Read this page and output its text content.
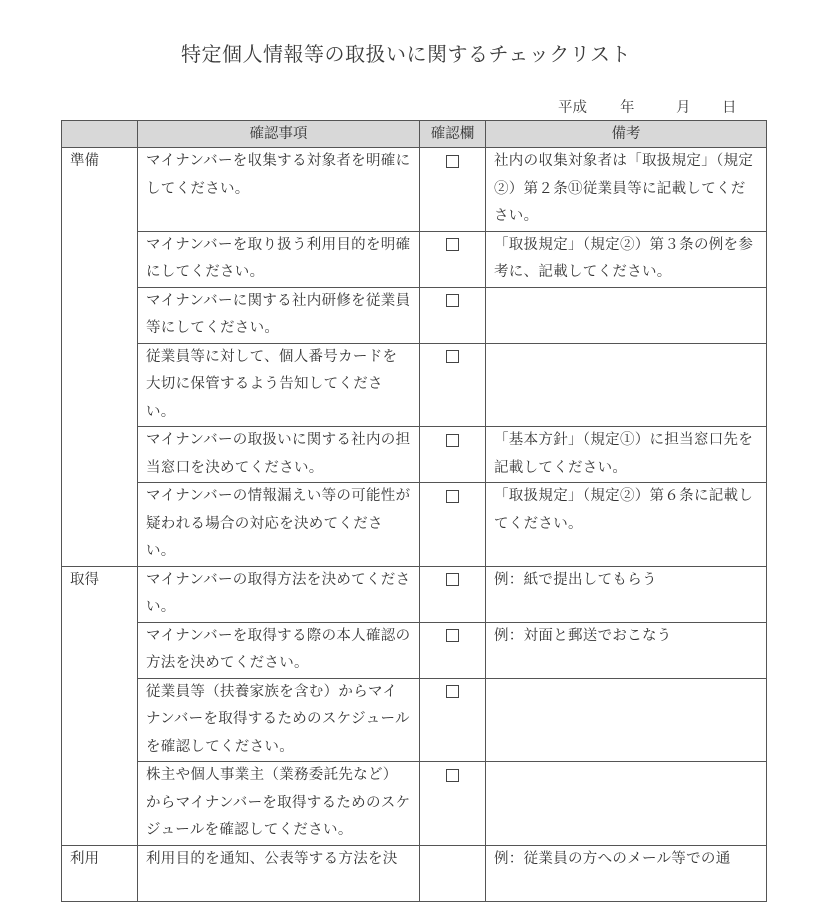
特定個人情報等の取扱いに関するチェックリスト
平成 年	月 日
	確認事項	確認欄	備考
準備	マイナンバーを収集する対象者を明確にしてください。		社内の収集対象者は「取扱規定」（規定②）第２条⑪従業員等に記載してください。
	マイナンバーを取り扱う利用目的を明確にしてください。		「取扱規定」（規定②）第３条の例を参考に、記載してください。
	マイナンバーに関する社内研修を従業員等にしてください。		
	従業員等に対して、個人番号カードを大切に保管するよう告知してください。		
	マイナンバーの取扱いに関する社内の担当窓口を決めてください。		「基本方針」（規定①）に担当窓口先を記載してください。
	マイナンバーの情報漏えい等の可能性が疑われる場合の対応を決めてください。		「取扱規定」（規定②）第６条に記載してください。
取得	マイナンバーの取得方法を決めてください。		例：紙で提出してもらう
	マイナンバーを取得する際の本人確認の方法を決めてください。		例：対面と郵送でおこなう
	従業員等（扶養家族を含む）からマイナンバーを取得するためのスケジュールを確認してください。		
	株主や個人事業主（業務委託先など）からマイナンバーを取得するためのスケジュールを確認してください。		
利用	利用目的を通知、公表等する方法を決		例：従業員の方へのメール等での通
